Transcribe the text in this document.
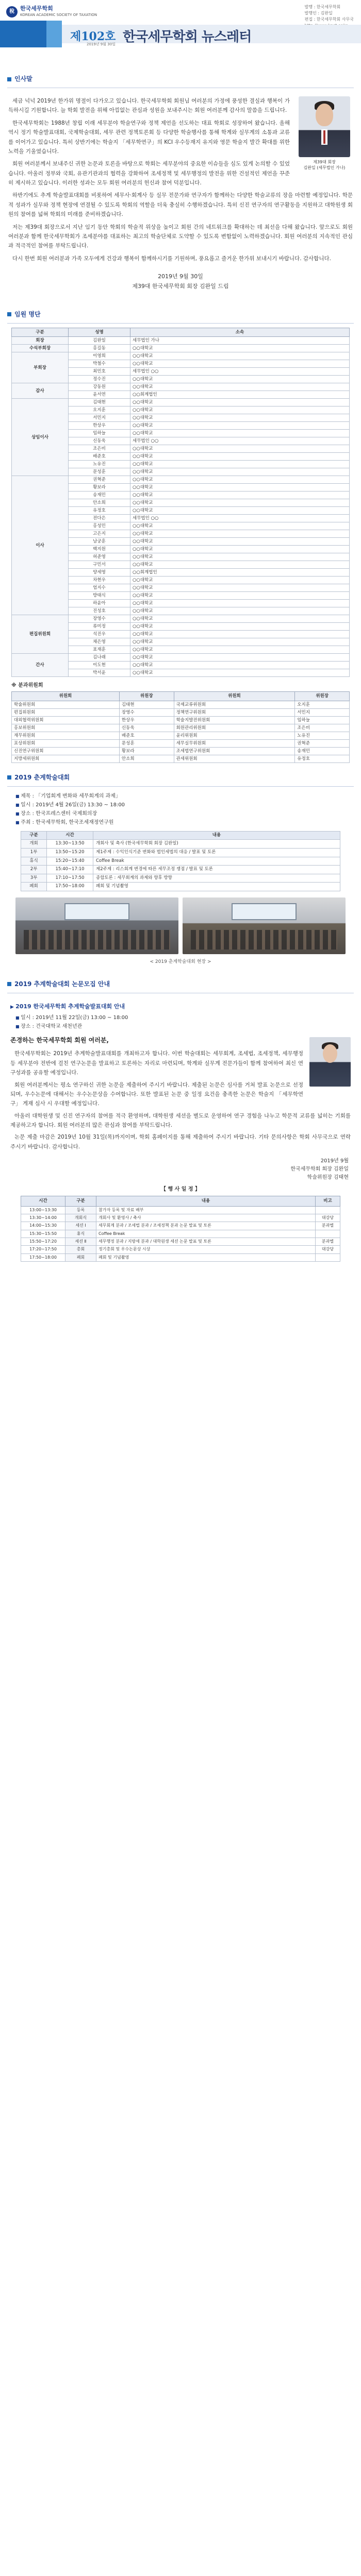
稅	한국세무학회
KOREAN ACADEMIC SOCIETY OF TAXATION
발행 : 한국세무학회
발행인 : 김완일
편집 : 한국세무학회 사무국
제102호
2019년 9월 30일 한국세무학회 뉴스레터
인사말
제39대 회장
김완일 (세무법인 가나)

세금 넉넉 2019년 한가위 명절이 다가오고 있습니다. 한국세무학회 회원님 여러분의 가정에 풍성한 결실과 행복이 가득하시길 기원합니다. 늘 학회 발전을 위해 아낌없는 관심과 성원을 보내주시는 회원 여러분께 감사의 말씀을 드립니다.

한국세무학회는 1988년 창립 이래 세무분야 학술연구와 정책 제언을 선도하는 대표 학회로 성장하여 왔습니다. 올해 역시 정기 학술발표대회, 국제학술대회, 세무 관련 정책토론회 등 다양한 학술행사를 통해 학계와 실무계의 소통과 교류를 이어가고 있습니다. 특히 상반기에는 학술지 「세무학연구」의 KCI 우수등재지 유지와 영문 학술지 발간 확대를 위한 노력을 기울였습니다.

회원 여러분께서 보내주신 귀한 논문과 토론을 바탕으로 학회는 세무분야의 중요한 이슈들을 심도 있게 논의할 수 있었습니다. 아울러 정부와 국회, 유관기관과의 협력을 강화하여 조세정책 및 세무행정의 발전을 위한 건설적인 제언을 꾸준히 제시하고 있습니다. 이러한 성과는 모두 회원 여러분의 헌신과 참여 덕분입니다.

하반기에도 추계 학술발표대회를 비롯하여 세무사·회계사 등 실무 전문가와 연구자가 함께하는 다양한 학술교류의 장을 마련할 예정입니다. 학문적 성과가 실무와 정책 현장에 연결될 수 있도록 학회의 역할을 더욱 충실히 수행하겠습니다. 특히 신진 연구자의 연구활동을 지원하고 대학원생 회원의 참여를 넓혀 학회의 미래를 준비하겠습니다.

저는 제39대 회장으로서 지난 임기 동안 학회의 학술적 위상을 높이고 회원 간의 네트워크를 확대하는 데 최선을 다해 왔습니다. 앞으로도 회원 여러분과 함께 한국세무학회가 조세분야를 대표하는 최고의 학술단체로 도약할 수 있도록 변함없이 노력하겠습니다. 회원 여러분의 지속적인 관심과 적극적인 참여를 부탁드립니다.

다시 한번 회원 여러분과 가족 모두에게 건강과 행복이 함께하시기를 기원하며, 풍요롭고 즐거운 한가위 보내시기 바랍니다. 감사합니다.

2019년 9월 30일
제39대 한국세무학회 회장 김완일 드림
임원 명단
구분	성명	소속
회장	김완일	세무법인 가나
수석부회장	홍길동	○○대학교
부회장	이영희	○○대학교
	박철수	○○대학교
	최민호	세무법인 ○○
	정수진	○○대학교
감사	강동원	○○대학교
	윤서연	○○회계법인
상임이사	김태현	○○대학교
	오지훈	○○대학교
	서민지	○○대학교
	한상우	○○대학교
	임하늘	○○대학교
	신동욱	세무법인 ○○
	조은비	○○대학교
	배준호	○○대학교
	노유진	○○대학교
	문성훈	○○대학교
이사	권혁준	○○대학교
	황보라	○○대학교
	송재민	○○대학교
	안소희	○○대학교
	유정호	○○대학교
	전다은	세무법인 ○○
	홍성민	○○대학교
	고은지	○○대학교
	남궁훈	○○대학교
	백지원	○○대학교
	허준영	○○대학교
	구민서	○○대학교
	양세영	○○회계법인
	차현우	○○대학교
	엄지수	○○대학교
	방태식	○○대학교
	하윤아	○○대학교
	진성호	○○대학교
편집위원회	장영수	○○대학교
	류미정	○○대학교
	석진우	○○대학교
	채은영	○○대학교
	표재훈	○○대학교
간사	김나래	○○대학교
	이도현	○○대학교
	박서윤	○○대학교
※ 분과위원회
위원회	위원장	위원회	위원장
학술위원회	김태현	국제교류위원회	오지훈
편집위원회	장영수	정책연구위원회	서민지
대외협력위원회	한상우	학술지발전위원회	임하늘
홍보위원회	신동욱	회원관리위원회	조은비
재무위원회	배준호	윤리위원회	노유진
포상위원회	문성훈	세무실무위원회	권혁준
신진연구위원회	황보라	조세법연구위원회	송재민
지방세위원회	안소희	관세위원회	유정호
2019 춘계학술대회
■ 제목 : 「기업회계 변화와 세무회계의 과제」
■ 일시 : 2019년 4월 26일(금) 13:30 ~ 18:00
■ 장소 : 한국프레스센터 국제회의장
■ 주최 : 한국세무학회, 한국조세재정연구원
구분	시간	내용
개회	13:30~13:50	개회사 및 축사 (한국세무학회 회장 김완일)
1부	13:50~15:20	제1주제 : 수익인식기준 변화와 법인세법의 대응 / 발표 및 토론
휴식	15:20~15:40	Coffee Break
2부	15:40~17:10	제2주제 : 리스회계 변경에 따른 세무조정 쟁점 / 발표 및 토론
3부	17:10~17:50	종합토론 : 세무회계의 과제와 향후 방향
폐회	17:50~18:00	폐회 및 기념촬영
< 2019 춘계학술대회 현장 >
2019 추계학술대회 논문모집 안내
▶ 2019 한국세무학회 추계학술발표대회 안내
■ 일시 : 2019년 11월 22일(금) 13:00 ~ 18:00
■ 장소 : 건국대학교 새천년관
존경하는 한국세무학회 회원 여러분,

한국세무학회는 2019년 추계학술발표대회를 개최하고자 합니다. 이번 학술대회는 세무회계, 조세법, 조세정책, 세무행정 등 세무분야 전반에 걸친 연구논문을 발표하고 토론하는 자리로 마련되며, 학계와 실무계 전문가들이 함께 참여하여 최신 연구성과를 공유할 예정입니다.

회원 여러분께서는 평소 연구하신 귀한 논문을 제출하여 주시기 바랍니다. 제출된 논문은 심사를 거쳐 발표 논문으로 선정되며, 우수논문에 대해서는 우수논문상을 수여합니다. 또한 발표된 논문 중 일정 요건을 충족한 논문은 학술지 「세무학연구」 게재 심사 시 우대할 예정입니다.

아울러 대학원생 및 신진 연구자의 참여를 적극 환영하며, 대학원생 세션을 별도로 운영하여 연구 경험을 나누고 학문적 교류를 넓히는 기회를 제공하고자 합니다. 회원 여러분의 많은 관심과 참여를 부탁드립니다.

논문 제출 마감은 2019년 10월 31일(목)까지이며, 학회 홈페이지를 통해 제출하여 주시기 바랍니다. 기타 문의사항은 학회 사무국으로 연락 주시기 바랍니다. 감사합니다.

2019년 9월
한국세무학회 회장 김완일
학술위원장 김태현
【 행 사 일 정 】
시간	구분	내용	비고
13:00~13:30	등록	참가자 등록 및 자료 배부	
13:30~14:00	개회식	개회사 및 환영사 / 축사	대강당
14:00~15:30	세션 Ⅰ	세무회계 분과 / 조세법 분과 / 조세정책 분과 논문 발표 및 토론	분과별
15:30~15:50	휴식	Coffee Break	
15:50~17:20	세션 Ⅱ	세무행정 분과 / 지방세 분과 / 대학원생 세션 논문 발표 및 토론	분과별
17:20~17:50	총회	정기총회 및 우수논문상 시상	대강당
17:50~18:00	폐회	폐회 및 기념촬영	
